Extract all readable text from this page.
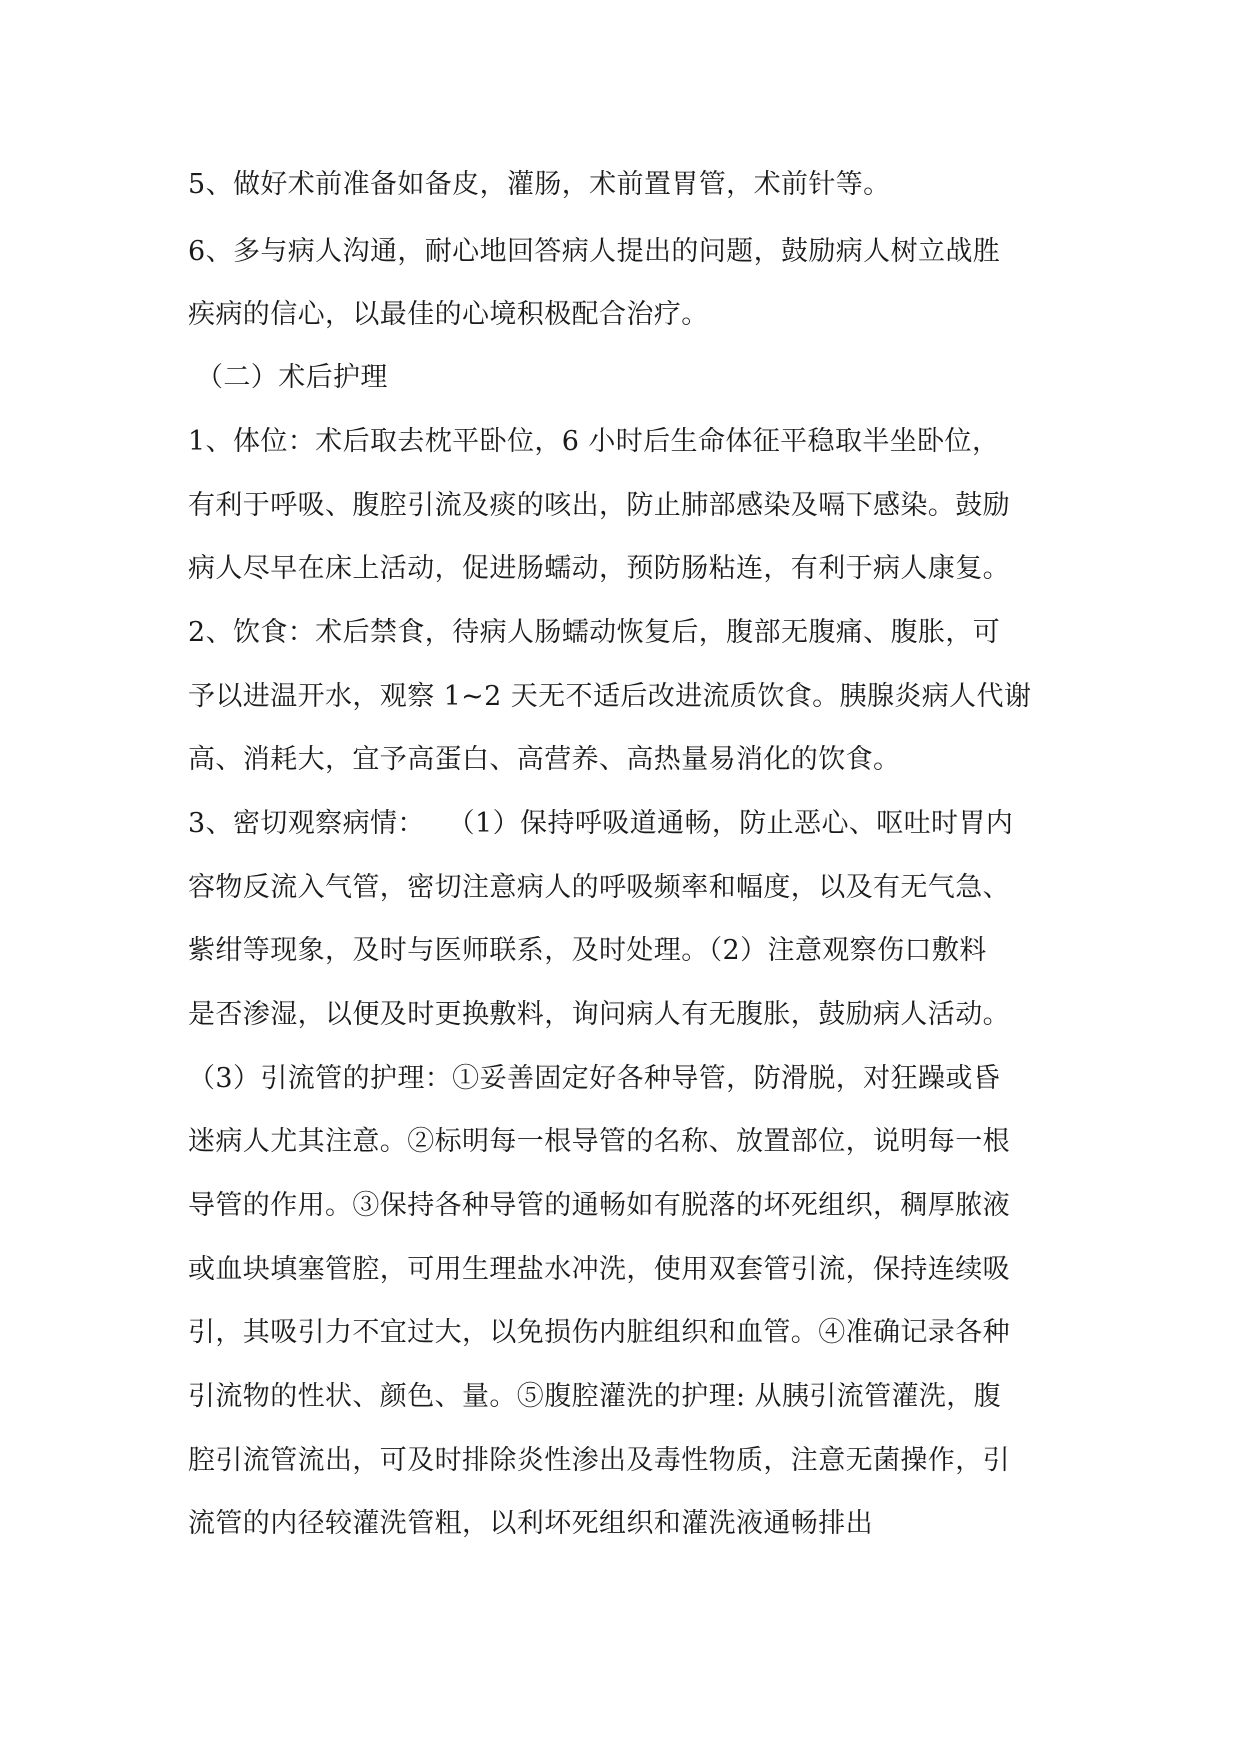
5、做好术前准备如备皮，灌肠，术前置胃管，术前针等。
6、多与病人沟通，耐心地回答病人提出的问题，鼓励病人树立战胜
疾病的信心，以最佳的心境积极配合治疗。
（二）术后护理
1、体位：术后取去枕平卧位，6 小时后生命体征平稳取半坐卧位，
有利于呼吸、腹腔引流及痰的咳出，防止肺部感染及嗝下感染。鼓励
病人尽早在床上活动，促进肠蠕动，预防肠粘连，有利于病人康复。
2、饮食：术后禁食，待病人肠蠕动恢复后，腹部无腹痛、腹胀，可
予以进温开水，观察 1~2 天无不适后改进流质饮食。胰腺炎病人代谢
高、消耗大，宜予高蛋白、高营养、高热量易消化的饮食。
3、密切观察病情：　 （1）保持呼吸道通畅，防止恶心、呕吐时胃内
容物反流入气管，密切注意病人的呼吸频率和幅度，以及有无气急、
紫绀等现象，及时与医师联系，及时处理。（2）注意观察伤口敷料
是否渗湿，以便及时更换敷料，询问病人有无腹胀，鼓励病人活动。
（3）引流管的护理：①妥善固定好各种导管，防滑脱，对狂躁或昏
迷病人尤其注意。②标明每一根导管的名称、放置部位，说明每一根
导管的作用。③保持各种导管的通畅如有脱落的坏死组织，稠厚脓液
或血块填塞管腔，可用生理盐水冲洗，使用双套管引流，保持连续吸
引，其吸引力不宜过大，以免损伤内脏组织和血管。④准确记录各种
引流物的性状、颜色、量。⑤腹腔灌洗的护理: 从胰引流管灌洗，腹
腔引流管流出，可及时排除炎性渗出及毒性物质，注意无菌操作，引
流管的内径较灌洗管粗，以利坏死组织和灌洗液通畅排出
